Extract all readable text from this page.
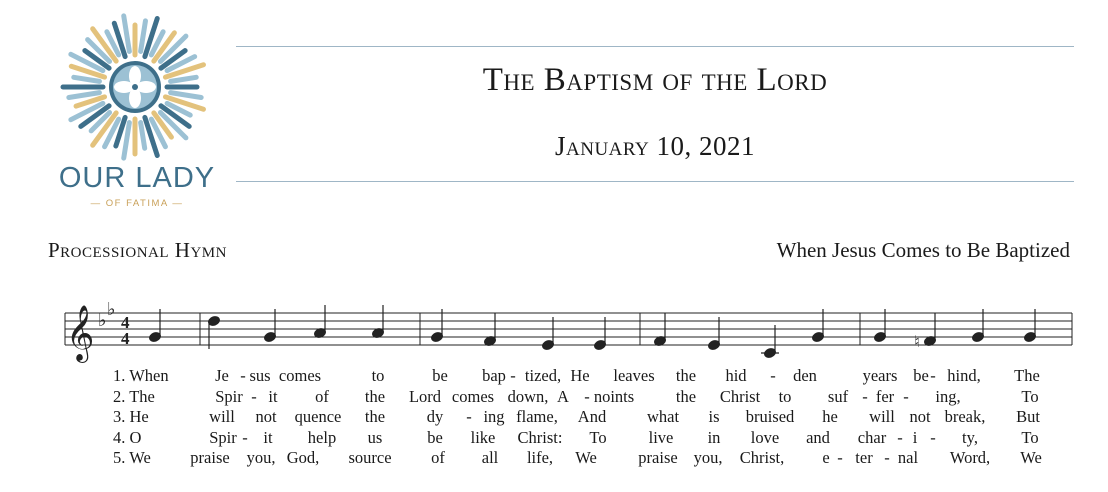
OUR LADY
— OF FATIMA —
The Baptism of the Lord
January 10, 2021
Processional Hymn	When Jesus Comes to Be Baptized
𝄞 ♭
♭
4
4	♮
1. When	Je - sus comes	to	be bap - tized, He leaves the hid - den	years be - hind, The
2. The	Spir - it of the Lord comes down, A - noints	the Christ to suf - fer - ing,	To
3. He	will not quence the	dy - ing flame, And what is bruised he will not break, But
4. O	Spir - it help us	be like Christ: To	live in love and char - i - ty,	To
5. We praise you, God, source of all life, We	praise you, Christ, e - ter - nal Word, We
